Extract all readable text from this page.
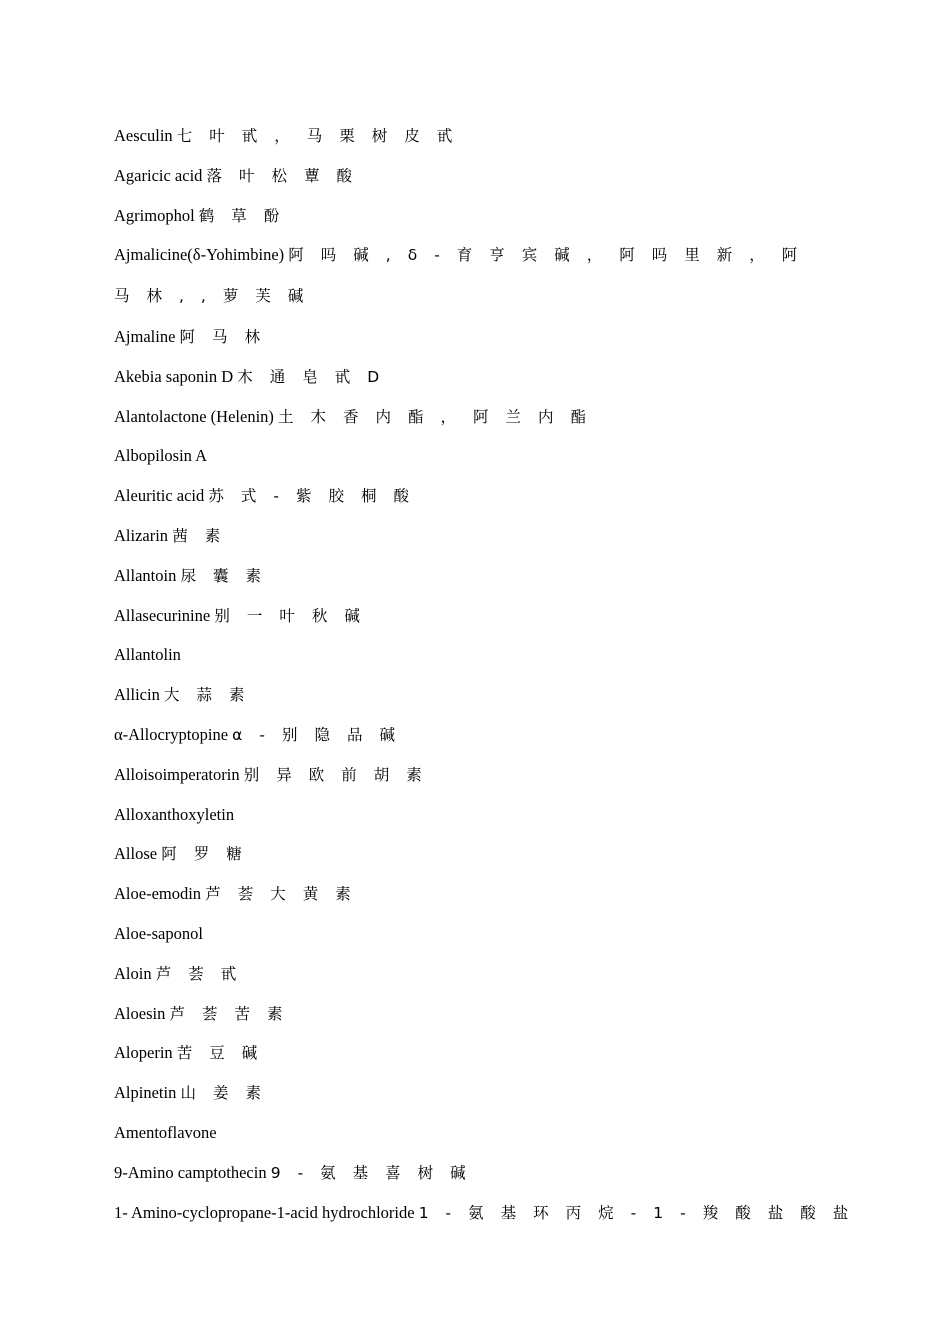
Aesculin 七叶甙，马栗树皮甙
Agaricic acid 落叶松蕈酸
Agrimophol 鹤草酚
Ajmalicine(δ-Yohimbine) 阿吗碱,δ-育亨宾碱，阿吗里新，阿马林,,萝芙碱
Ajmaline 阿马林
Akebia saponin D 木通皂甙D
Alantolactone (Helenin) 土木香内酯，阿兰内酯
Albopilosin A
Aleuritic acid 苏式-紫胶桐酸
Alizarin 茜素
Allantoin 尿囊素
Allasecurinine 别一叶秋碱
Allantolin
Allicin 大蒜素
α-Allocryptopine α-别隐品碱
Alloisoimperatorin 别异欧前胡素
Alloxanthoxyletin
Allose 阿罗糖
Aloe-emodin 芦荟大黄素
Aloe-saponol
Aloin 芦荟甙
Aloesin 芦荟苦素
Aloperin 苦豆碱
Alpinetin 山姜素
Amentoflavone
9-Amino camptothecin 9-氨基喜树碱
1- Amino-cyclopropane-1-acid hydrochloride 1-氨基环丙烷-1-羧酸盐酸盐
